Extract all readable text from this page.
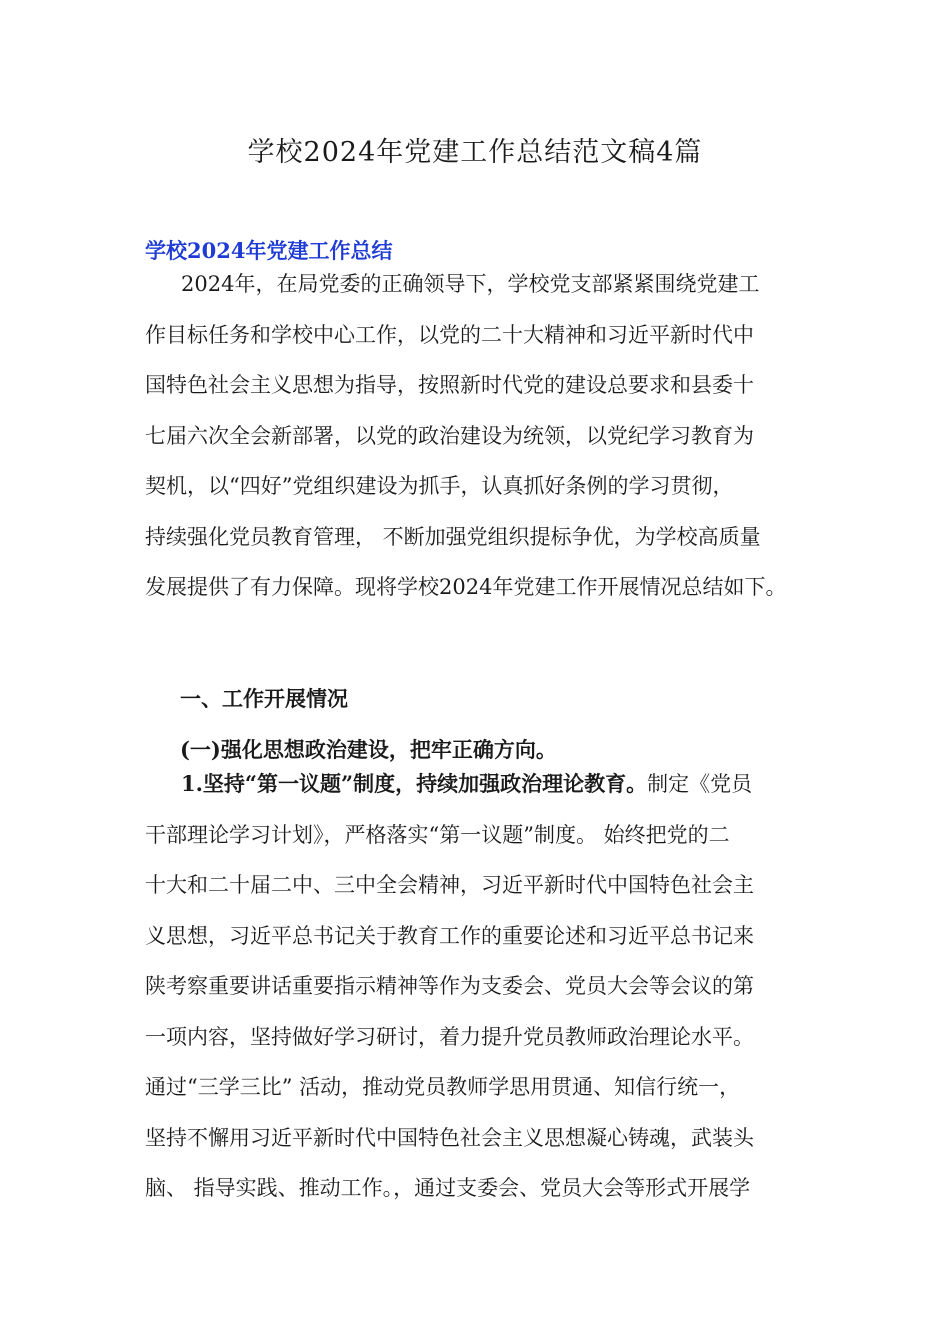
学校2024年党建工作总结范文稿4篇
学校2024年党建工作总结
2024年，在局党委的正确领导下，学校党支部紧紧围绕党建工
作目标任务和学校中心工作，以党的二十大精神和习近平新时代中
国特色社会主义思想为指导，按照新时代党的建设总要求和县委十
七届六次全会新部署，以党的政治建设为统领，以党纪学习教育为
契机，以“四好”党组织建设为抓手，认真抓好条例的学习贯彻，
持续强化党员教育管理， 不断加强党组织提标争优，为学校高质量
发展提供了有力保障。现将学校2024年党建工作开展情况总结如下。
一、工作开展情况
(一)强化思想政治建设，把牢正确方向。
1.坚持“第一议题”制度，持续加强政治理论教育。制定《党员
干部理论学习计划》，严格落实“第一议题”制度。 始终把党的二
十大和二十届二中、三中全会精神，习近平新时代中国特色社会主
义思想，习近平总书记关于教育工作的重要论述和习近平总书记来
陕考察重要讲话重要指示精神等作为支委会、党员大会等会议的第
一项内容，坚持做好学习研讨，着力提升党员教师政治理论水平。
通过“三学三比” 活动，推动党员教师学思用贯通、知信行统一，
坚持不懈用习近平新时代中国特色社会主义思想凝心铸魂，武装头
脑、 指导实践、推动工作。，通过支委会、党员大会等形式开展学
